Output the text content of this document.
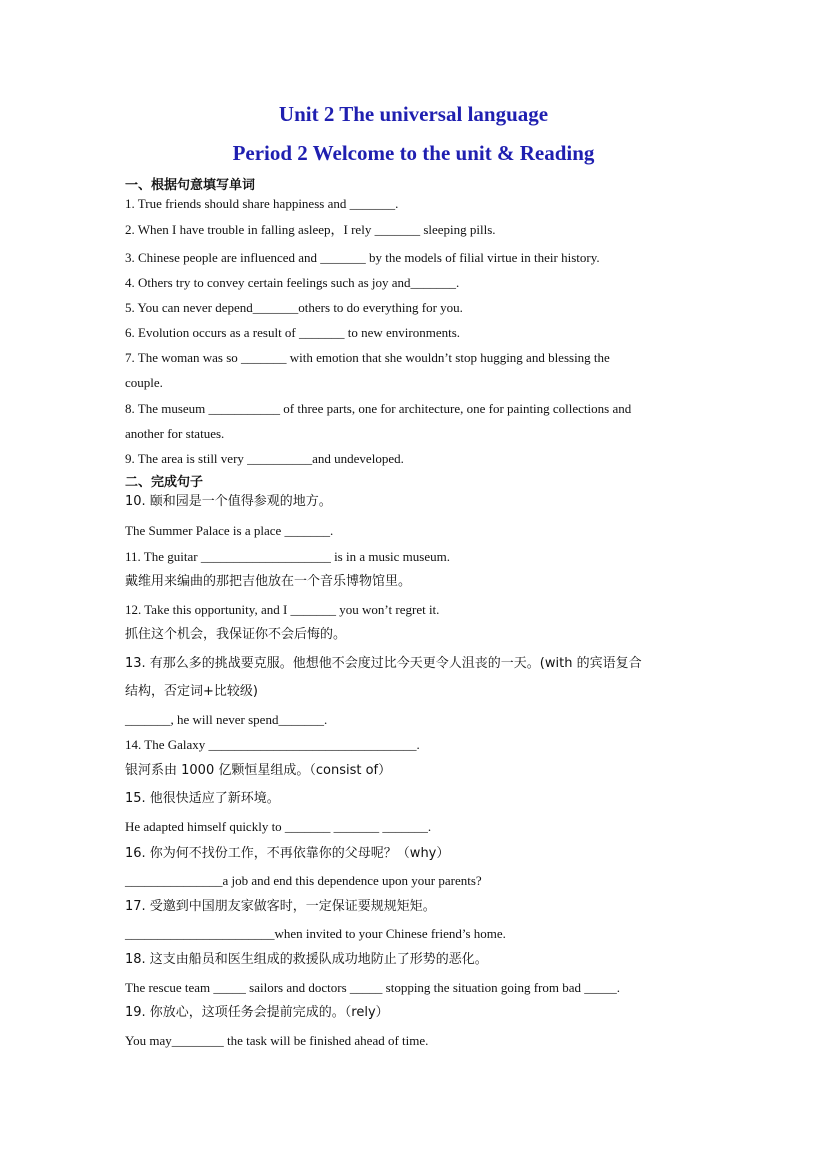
Unit 2 The universal language
Period 2 Welcome to the unit & Reading
一、根据句意填写单词
1. True friends should share happiness and _______.
2. When I have trouble in falling asleep，I rely _______ sleeping pills.
3. Chinese people are influenced and _______ by the models of filial virtue in their history.
4. Others try to convey certain feelings such as joy and_______.
5. You can never depend_______others to do everything for you.
6. Evolution occurs as a result of _______ to new environments.
7. The woman was so _______ with emotion that she wouldn’t stop hugging and blessing the
couple.
8. The museum ___________ of three parts, one for architecture, one for painting collections and
another for statues.
9. The area is still very __________and undeveloped.
二、完成句子
10. 颐和园是一个值得参观的地方。
The Summer Palace is a place _______.
11. The guitar ____________________ is in a music museum.
戴维用来编曲的那把吉他放在一个音乐博物馆里。
12. Take this opportunity, and I _______ you won’t regret it.
抓住这个机会，我保证你不会后悔的。
13. 有那么多的挑战要克服。他想他不会度过比今天更令人沮丧的一天。(with 的宾语复合
结构，否定词+比较级)
_______, he will never spend_______.
14. The Galaxy ________________________________.
银河系由 1000 亿颗恒星组成。（consist of）
15. 他很快适应了新环境。
He adapted himself quickly to _______ _______ _______.
16. 你为何不找份工作，不再依靠你的父母呢？（why）
_______________a job and end this dependence upon your parents?
17. 受邀到中国朋友家做客时，一定保证要规规矩矩。
_______________________when invited to your Chinese friend’s home.
18. 这支由船员和医生组成的救援队成功地防止了形势的恶化。
The rescue team _____ sailors and doctors _____ stopping the situation going from bad _____.
19. 你放心，这项任务会提前完成的。（rely）
You may________ the task will be finished ahead of time.
